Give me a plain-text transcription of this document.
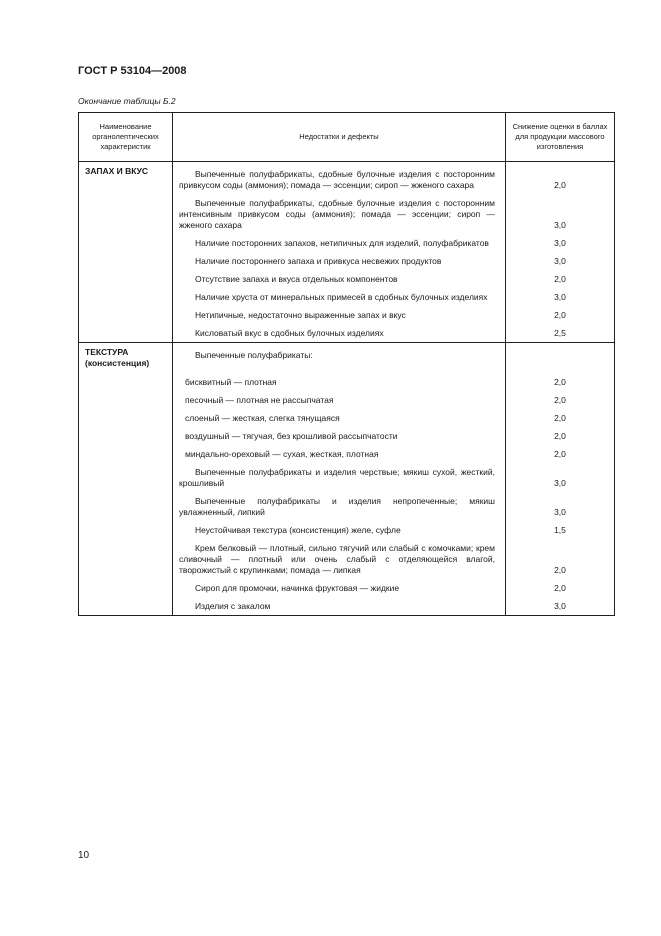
ГОСТ Р 53104—2008
Окончание таблицы Б.2
Наименование органолептических характеристик	Недостатки и дефекты	Снижение оценки в баллах для продукции массового изготовления
ЗАПАХ И ВКУС	Выпеченные полуфабрикаты, сдобные булочные изделия с посторонним привкусом соды (аммония); помада — эссенции; сироп — жженого сахара	2,0

	Выпеченные полуфабрикаты, сдобные булочные изделия с посторонним интенсивным привкусом соды (аммония); помада — эссенции; сироп — жженого сахара	3,0

	Наличие посторонних запахов, нетипичных для изделий, полуфабрикатов	3,0

	Наличие постороннего запаха и привкуса несвежих продуктов	3,0

	Отсутствие запаха и вкуса отдельных компонентов	2,0

	Наличие хруста от минеральных примесей в сдобных булочных изделиях	3,0

	Нетипичные, недостаточно выраженные запах и вкус	2,0

	Кисловатый вкус в сдобных булочных изделиях	2,5
ТЕКСТУРА (консистенция)	Выпеченные полуфабрикаты:	

	бисквитный — плотная	2,0

	песочный — плотная не рассыпчатая	2,0

	слоеный — жесткая, слегка тянущаяся	2,0

	воздушный — тягучая, без крошливой рассыпчатости	2,0

	миндально-ореховый — сухая, жесткая, плотная	2,0

	Выпеченные полуфабрикаты и изделия черствые; мякиш сухой, жесткий, крошливый	3,0

	Выпеченные полуфабрикаты и изделия непропеченные; мякиш увлажненный, липкий	3,0

	Неустойчивая текстура (консистенция) желе, суфле	1,5

	Крем белковый — плотный, сильно тягучий или слабый с комочками; крем сливочный — плотный или очень слабый с отделяющейся влагой, творожистый с крупинками; помада — липкая	2,0

	Сироп для промочки, начинка фруктовая — жидкие	2,0

	Изделия с закалом	3,0
10
